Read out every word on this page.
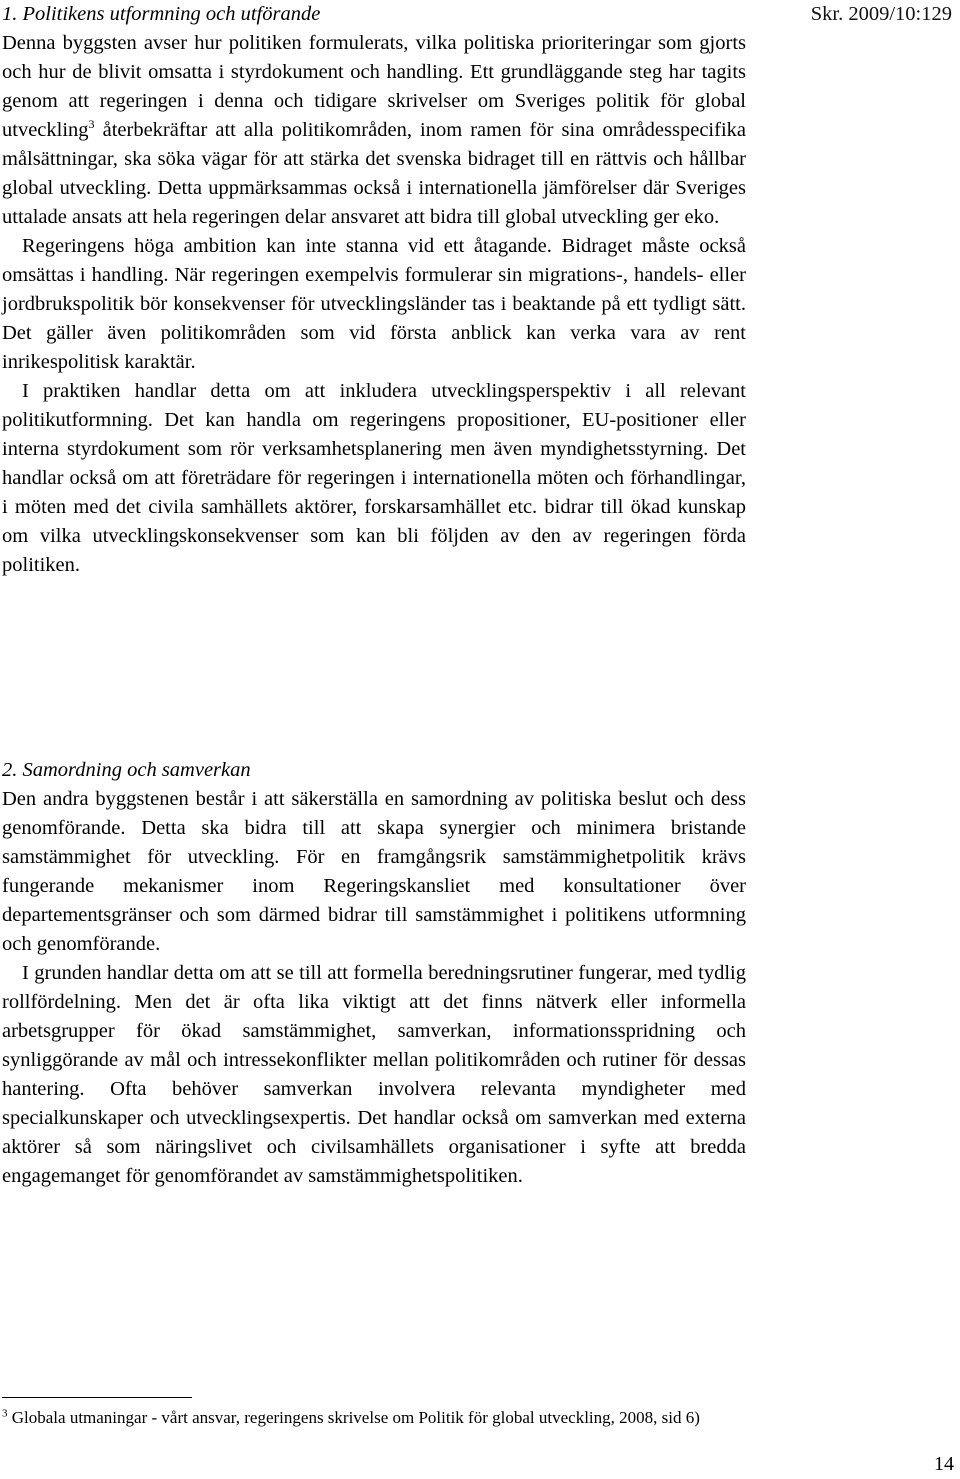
Skr. 2009/10:129
1. Politikens utformning och utförande

Denna byggsten avser hur politiken formulerats, vilka politiska prioriteringar som gjorts och hur de blivit omsatta i styrdokument och handling. Ett grundläggande steg har tagits genom att regeringen i denna och tidigare skrivelser om Sveriges politik för global utveckling$^3$ återbekräftar att alla politikområden, inom ramen för sina områdesspecifika målsättningar, ska söka vägar för att stärka det svenska bidraget till en rättvis och hållbar global utveckling. Detta uppmärksammas också i internationella jämförelser där Sveriges uttalade ansats att hela regeringen delar ansvaret att bidra till global utveckling ger eko.

Regeringens höga ambition kan inte stanna vid ett åtagande. Bidraget måste också omsättas i handling. När regeringen exempelvis formulerar sin migrations-, handels- eller jordbrukspolitik bör konsekvenser för utvecklingsländer tas i beaktande på ett tydligt sätt. Det gäller även politikområden som vid första anblick kan verka vara av rent inrikespolitisk karaktär.

I praktiken handlar detta om att inkludera utvecklingsperspektiv i all relevant politikutformning. Det kan handla om regeringens propositioner, EU-positioner eller interna styrdokument som rör verksamhetsplanering men även myndighetsstyrning. Det handlar också om att företrädare för regeringen i internationella möten och förhandlingar, i möten med det civila samhällets aktörer, forskarsamhället etc. bidrar till ökad kunskap om vilka utvecklingskonsekvenser som kan bli följden av den av regeringen förda politiken.

2. Samordning och samverkan

Den andra byggstenen består i att säkerställa en samordning av politiska beslut och dess genomförande. Detta ska bidra till att skapa synergier och minimera bristande samstämmighet för utveckling. För en framgångsrik samstämmighetpolitik krävs fungerande mekanismer inom Regeringskansliet med konsultationer över departementsgränser och som därmed bidrar till samstämmighet i politikens utformning och genomförande.

I grunden handlar detta om att se till att formella beredningsrutiner fungerar, med tydlig rollfördelning. Men det är ofta lika viktigt att det finns nätverk eller informella arbetsgrupper för ökad samstämmighet, samverkan, informationsspridning och synliggörande av mål och intressekonflikter mellan politikområden och rutiner för dessas hantering. Ofta behöver samverkan involvera relevanta myndigheter med specialkunskaper och utvecklingsexpertis. Det handlar också om samverkan med externa aktörer så som näringslivet och civilsamhällets organisationer i syfte att bredda engagemanget för genomförandet av samstämmighetspolitiken.

$^3$ Globala utmaningar - vårt ansvar, regeringens skrivelse om Politik för global utveckling, 2008, sid 6)
14
